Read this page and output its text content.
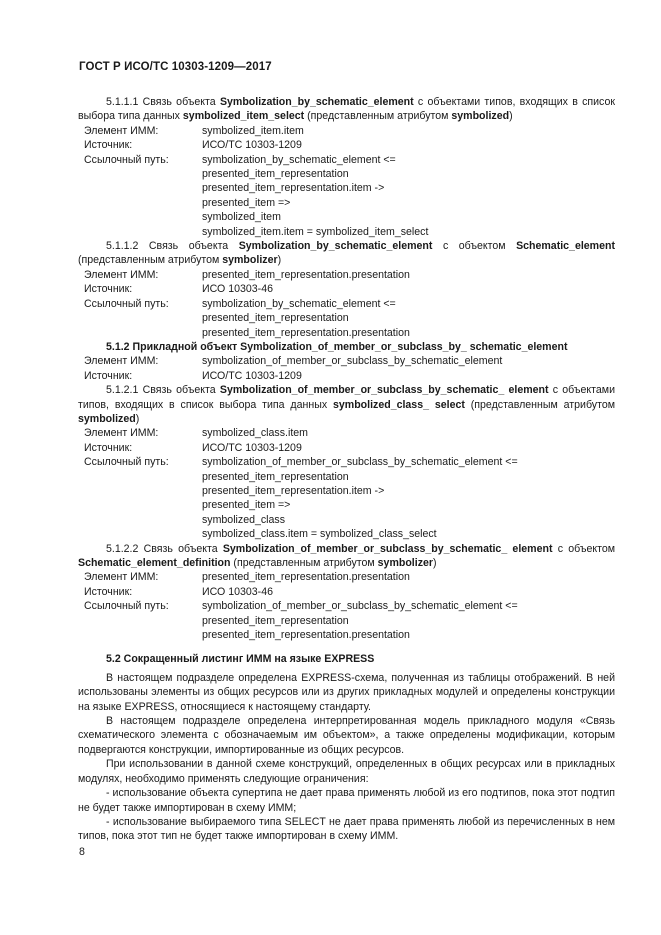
ГОСТ Р ИСО/ТС 10303-1209—2017

5.1.1.1 Связь объекта Symbolization_by_schematic_element с объектами типов, входящих в список выбора типа данных symbolized_item_select (представленным атрибутом symbolized)

Элемент ИММ:	symbolized_item.item
Источник:	ИСО/ТС 10303-1209
Ссылочный путь:	symbolization_by_schematic_element <=
presented_item_representation
presented_item_representation.item ->
presented_item =>
symbolized_item
symbolized_item.item = symbolized_item_select

5.1.1.2 Связь объекта Symbolization_by_schematic_element с объектом Schematic_element (представленным атрибутом symbolizer)

Элемент ИММ:	presented_item_representation.presentation
Источник:	ИСО 10303-46
Ссылочный путь:	symbolization_by_schematic_element <=
presented_item_representation
presented_item_representation.presentation

5.1.2 Прикладной объект Symbolization_of_member_or_subclass_by_ schematic_element

Элемент ИММ:	symbolization_of_member_or_subclass_by_schematic_element
Источник:	ИСО/ТС 10303-1209

5.1.2.1 Связь объекта Symbolization_of_member_or_subclass_by_schematic_ element с объектами типов, входящих в список выбора типа данных symbolized_class_ select (представленным атрибутом symbolized)

Элемент ИММ:	symbolized_class.item
Источник:	ИСО/ТС 10303-1209
Ссылочный путь:	symbolization_of_member_or_subclass_by_schematic_element <=
presented_item_representation
presented_item_representation.item ->
presented_item =>
symbolized_class
symbolized_class.item = symbolized_class_select

5.1.2.2 Связь объекта Symbolization_of_member_or_subclass_by_schematic_ element с объектом Schematic_element_definition (представленным атрибутом symbolizer)

Элемент ИММ:	presented_item_representation.presentation
Источник:	ИСО 10303-46
Ссылочный путь:	symbolization_of_member_or_subclass_by_schematic_element <=
presented_item_representation
presented_item_representation.presentation

5.2 Сокращенный листинг ИММ на языке EXPRESS

В настоящем подразделе определена EXPRESS-схема, полученная из таблицы отображений. В ней использованы элементы из общих ресурсов или из других прикладных модулей и определены конструкции на языке EXPRESS, относящиеся к настоящему стандарту.

В настоящем подразделе определена интерпретированная модель прикладного модуля «Связь схематического элемента с обозначаемым им объектом», а также определены модификации, которым подвергаются конструкции, импортированные из общих ресурсов.

При использовании в данной схеме конструкций, определенных в общих ресурсах или в прикладных модулях, необходимо применять следующие ограничения:

- использование объекта супертипа не дает права применять любой из его подтипов, пока этот подтип не будет также импортирован в схему ИММ;

- использование выбираемого типа SELECT не дает права применять любой из перечисленных в нем типов, пока этот тип не будет также импортирован в схему ИММ.

8
